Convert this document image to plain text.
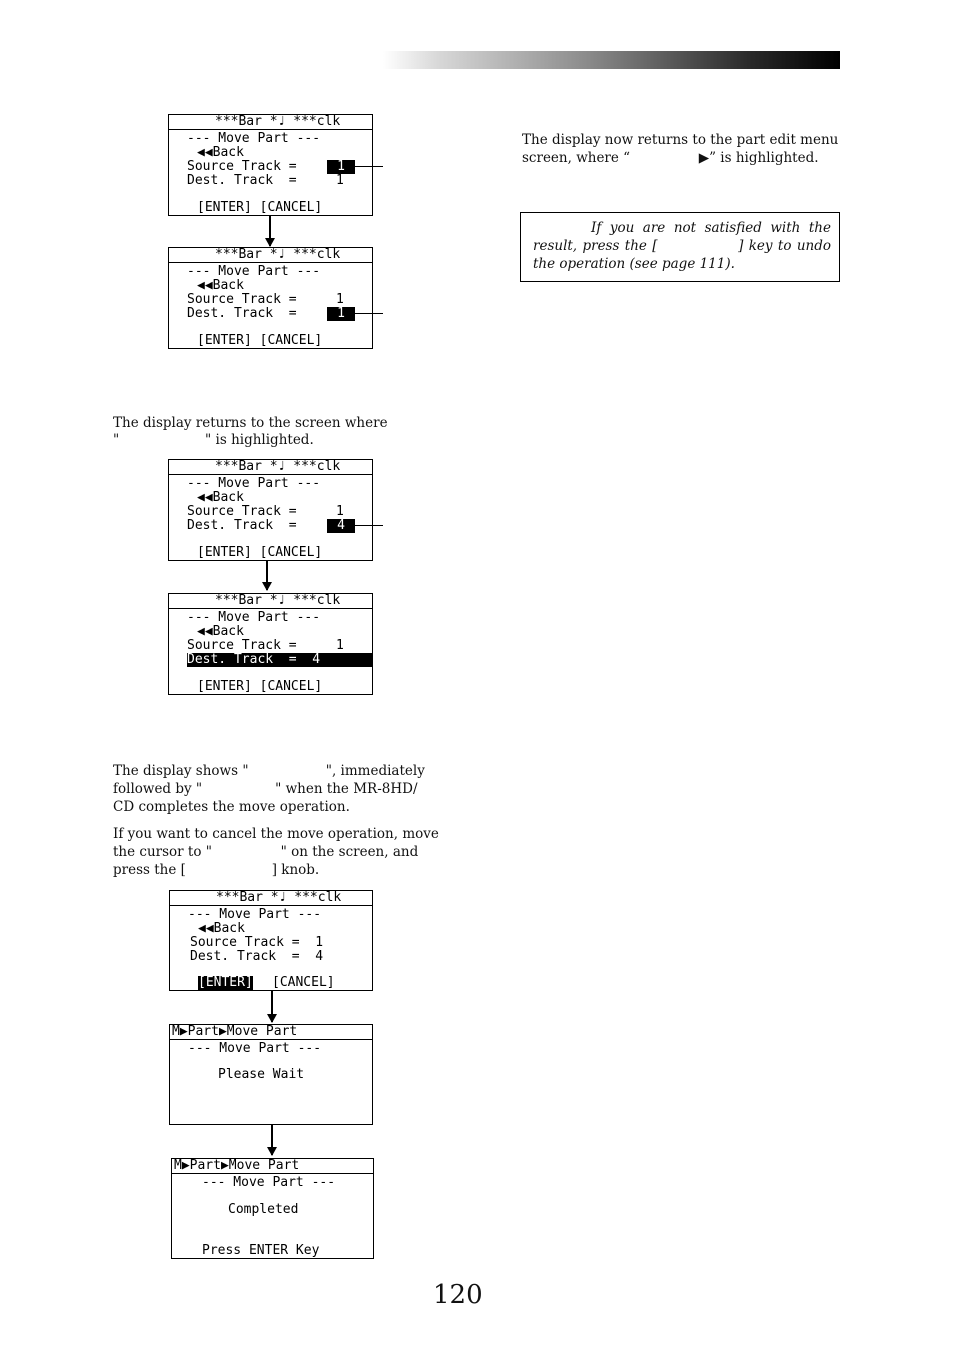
***Bar *♩ ***clk
--- Move Part ---
◀◀Back
Source Track =	1
Dest. Track  =	1
[ENTER] [CANCEL]
***Bar *♩ ***clk
--- Move Part ---
◀◀Back
Source Track =	1
Dest. Track  =	1
[ENTER] [CANCEL]
The display returns to the screen where
"                    " is highlighted.
***Bar *♩ ***clk
--- Move Part ---
◀◀Back
Source Track =	1
Dest. Track  =	4
[ENTER] [CANCEL]
***Bar *♩ ***clk
--- Move Part ---
◀◀Back
Source Track =	1
Dest. Track  =  4
[ENTER] [CANCEL]
The display shows "                  ", immediately
followed by "                 " when the MR-8HD/
CD completes the move operation.
If you want to cancel the move operation, move
the cursor to "                " on the screen, and
press the [                    ] knob.
***Bar *♩ ***clk
--- Move Part ---
◀◀Back
Source Track =  1
Dest. Track  =  4
[ENTER] [CANCEL]
M▶Part▶Move Part
--- Move Part ---
Please Wait
M▶Part▶Move Part
--- Move Part ---
Completed
Press ENTER Key
The display now returns to the part edit menu
screen, where “                ▶” is highlighted.
If you are not satisfied with the result, press the [               ] key to undo the operation (see page 111).
120
